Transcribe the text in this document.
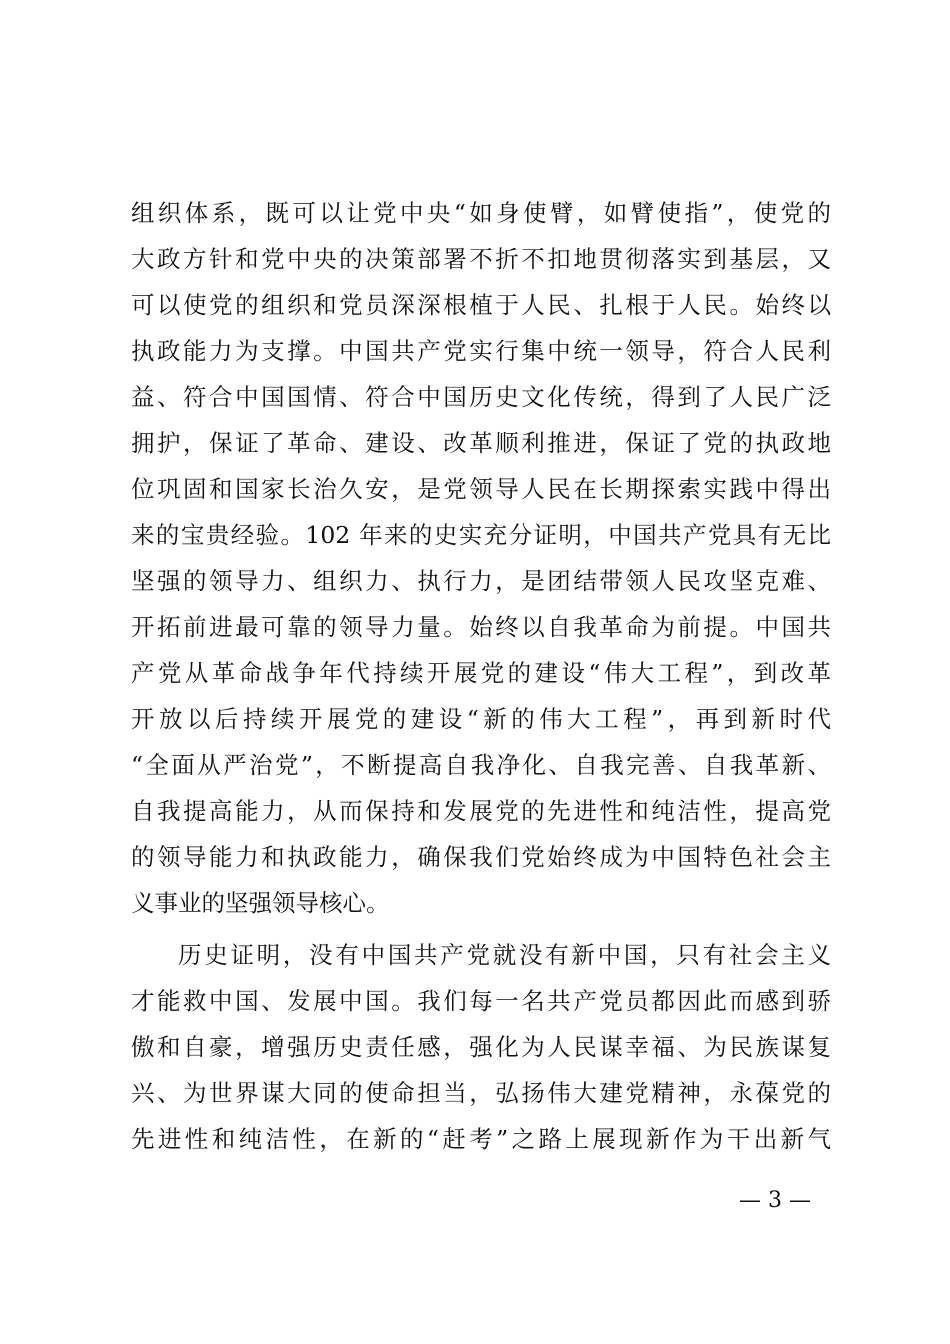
组织体系，既可以让党中央“如身使臂，如臂使指”，使党的
大政方针和党中央的决策部署不折不扣地贯彻落实到基层，又
可以使党的组织和党员深深根植于人民、扎根于人民。始终以
执政能力为支撑。中国共产党实行集中统一领导，符合人民利
益、符合中国国情、符合中国历史文化传统，得到了人民广泛
拥护，保证了革命、建设、改革顺利推进，保证了党的执政地
位巩固和国家长治久安，是党领导人民在长期探索实践中得出
来的宝贵经验。102 年来的史实充分证明，中国共产党具有无比
坚强的领导力、组织力、执行力，是团结带领人民攻坚克难、
开拓前进最可靠的领导力量。始终以自我革命为前提。中国共
产党从革命战争年代持续开展党的建设“伟大工程”，到改革
开放以后持续开展党的建设“新的伟大工程”，再到新时代
“全面从严治党”，不断提高自我净化、自我完善、自我革新、
自我提高能力，从而保持和发展党的先进性和纯洁性，提高党
的领导能力和执政能力，确保我们党始终成为中国特色社会主
义事业的坚强领导核心。
历史证明，没有中国共产党就没有新中国，只有社会主义
才能救中国、发展中国。我们每一名共产党员都因此而感到骄
傲和自豪，增强历史责任感，强化为人民谋幸福、为民族谋复
兴、为世界谋大同的使命担当，弘扬伟大建党精神，永葆党的
先进性和纯洁性，在新的“赶考”之路上展现新作为干出新气
— 3 —
